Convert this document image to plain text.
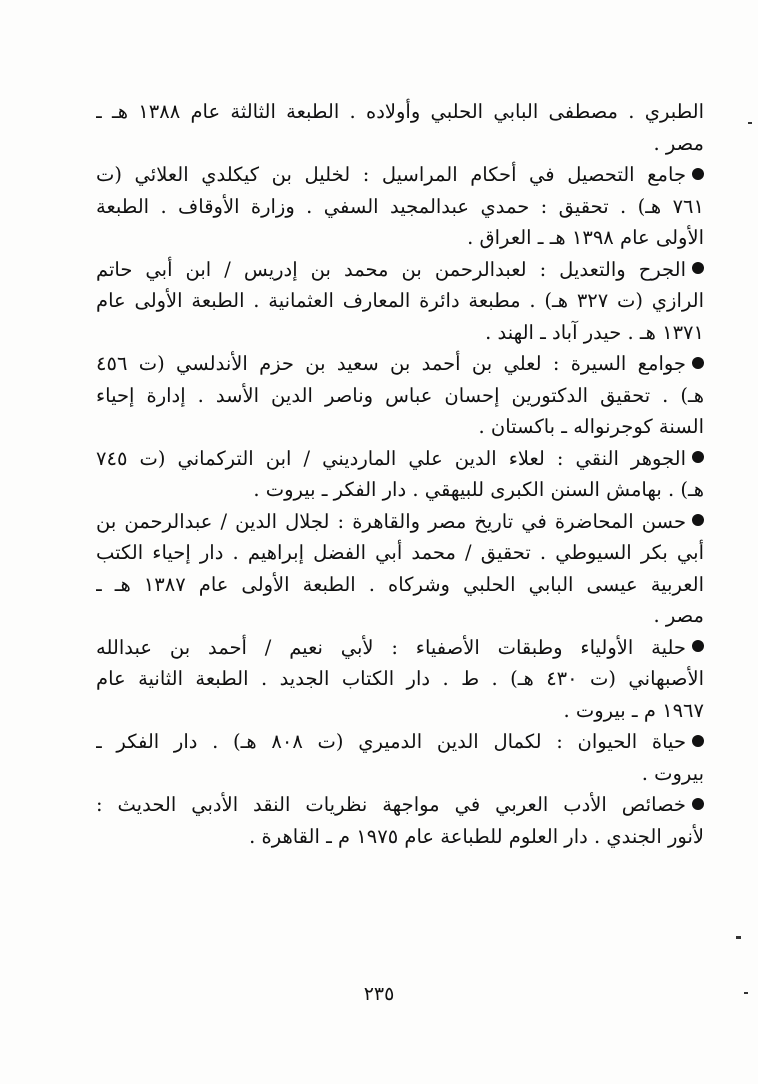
الطبري . مصطفى البابي الحلبي وأولاده . الطبعة الثالثة عام ١٣٨٨ هـ ـ
مصر .
جامع التحصيل في أحكام المراسيل : لخليل بن كيكلدي العلائي (ت
٧٦١ هـ) . تحقيق : حمدي عبدالمجيد السفي . وزارة الأوقاف . الطبعة
الأولى عام ١٣٩٨ هـ ـ العراق .
الجرح والتعديل : لعبدالرحمن بن محمد بن إدريس / ابن أبي حاتم
الرازي (ت ٣٢٧ هـ) . مطبعة دائرة المعارف العثمانية . الطبعة الأولى عام
١٣٧١ هـ . حيدر آباد ـ الهند .
جوامع السيرة : لعلي بن أحمد بن سعيد بن حزم الأندلسي (ت ٤٥٦
هـ) . تحقيق الدكتورين إحسان عباس وناصر الدين الأسد . إدارة إحياء
السنة كوجرنواله ـ باكستان .
الجوهر النقي : لعلاء الدين علي المارديني / ابن التركماني (ت ٧٤٥
هـ) . بهامش السنن الكبرى للبيهقي . دار الفكر ـ بيروت .
حسن المحاضرة في تاريخ مصر والقاهرة : لجلال الدين / عبدالرحمن بن
أبي بكر السيوطي . تحقيق / محمد أبي الفضل إبراهيم . دار إحياء الكتب
العربية عيسى البابي الحلبي وشركاه . الطبعة الأولى عام ١٣٨٧ هـ ـ
مصر .
حلية الأولياء وطبقات الأصفياء : لأبي نعيم / أحمد بن عبدالله
الأصبهاني (ت ٤٣٠ هـ) . ط . دار الكتاب الجديد . الطبعة الثانية عام
١٩٦٧ م ـ بيروت .
حياة الحيوان : لكمال الدين الدميري (ت ٨٠٨ هـ) . دار الفكر ـ
بيروت .
خصائص الأدب العربي في مواجهة نظريات النقد الأدبي الحديث :
لأنور الجندي . دار العلوم للطباعة عام ١٩٧٥ م ـ القاهرة .
٢٣٥
